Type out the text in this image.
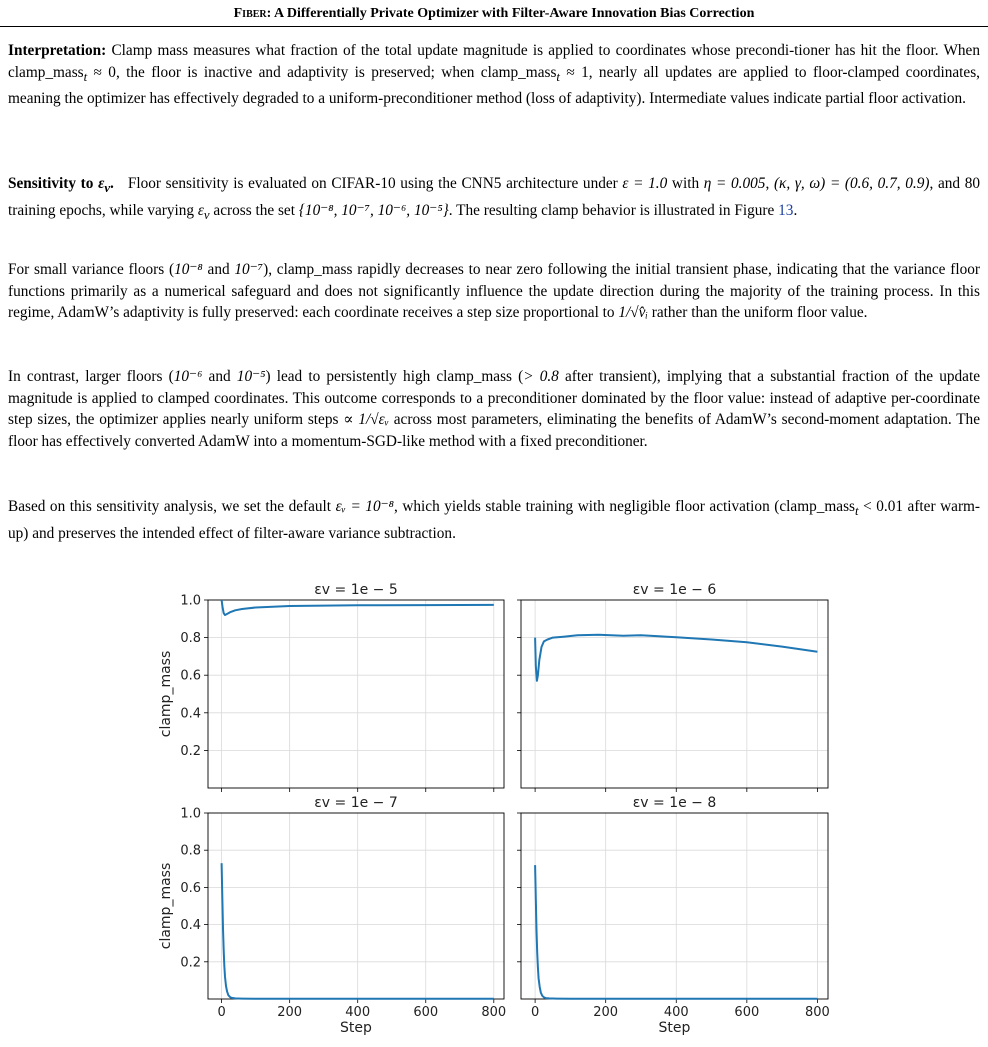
Fiber: A Differentially Private Optimizer with Filter-Aware Innovation Bias Correction

Interpretation: Clamp mass measures what fraction of the total update magnitude is applied to coordinates whose precondi-tioner has hit the floor. When clamp_mass$_t$ ≈ 0, the floor is inactive and adaptivity is preserved; when clamp_mass$_t$ ≈ 1, nearly all updates are applied to floor-clamped coordinates, meaning the optimizer has effectively degraded to a uniform-preconditioner method (loss of adaptivity). Intermediate values indicate partial floor activation.

Sensitivity to $\varepsilon_v$.   Floor sensitivity is evaluated on CIFAR-10 using the CNN5 architecture under ε = 1.0 with η = 0.005, (κ, γ, ω) = (0.6, 0.7, 0.9), and 80 training epochs, while varying $\varepsilon_v$ across the set {10⁻⁸, 10⁻⁷, 10⁻⁶, 10⁻⁵}. The resulting clamp behavior is illustrated in Figure 13.

For small variance floors (10⁻⁸ and 10⁻⁷), clamp_mass rapidly decreases to near zero following the initial transient phase, indicating that the variance floor functions primarily as a numerical safeguard and does not significantly influence the update direction during the majority of the training process. In this regime, AdamW’s adaptivity is fully preserved: each coordinate receives a step size proportional to 1/√v̂ᵢ rather than the uniform floor value.

In contrast, larger floors (10⁻⁶ and 10⁻⁵) lead to persistently high clamp_mass (> 0.8 after transient), implying that a substantial fraction of the update magnitude is applied to clamped coordinates. This outcome corresponds to a preconditioner dominated by the floor value: instead of adaptive per-coordinate step sizes, the optimizer applies nearly uniform steps ∝ 1/√εᵥ across most parameters, eliminating the benefits of AdamW’s second-moment adaptation. The floor has effectively converted AdamW into a momentum-SGD-like method with a fixed preconditioner.

Based on this sensitivity analysis, we set the default εᵥ = 10⁻⁸, which yields stable training with negligible floor activation (clamp_mass$_t$ < 0.01 after warm-up) and preserves the intended effect of filter-aware variance subtraction.

0.2
0.4
0.6
0.8
1.0
εv = 1e − 5
clamp_mass
εv = 1e − 6
0	200	400	600	800
0.2
0.4
0.6
0.8
1.0
εv = 1e − 7
clamp_mass
Step
0	200	400	600	800
εv = 1e − 8
Step
